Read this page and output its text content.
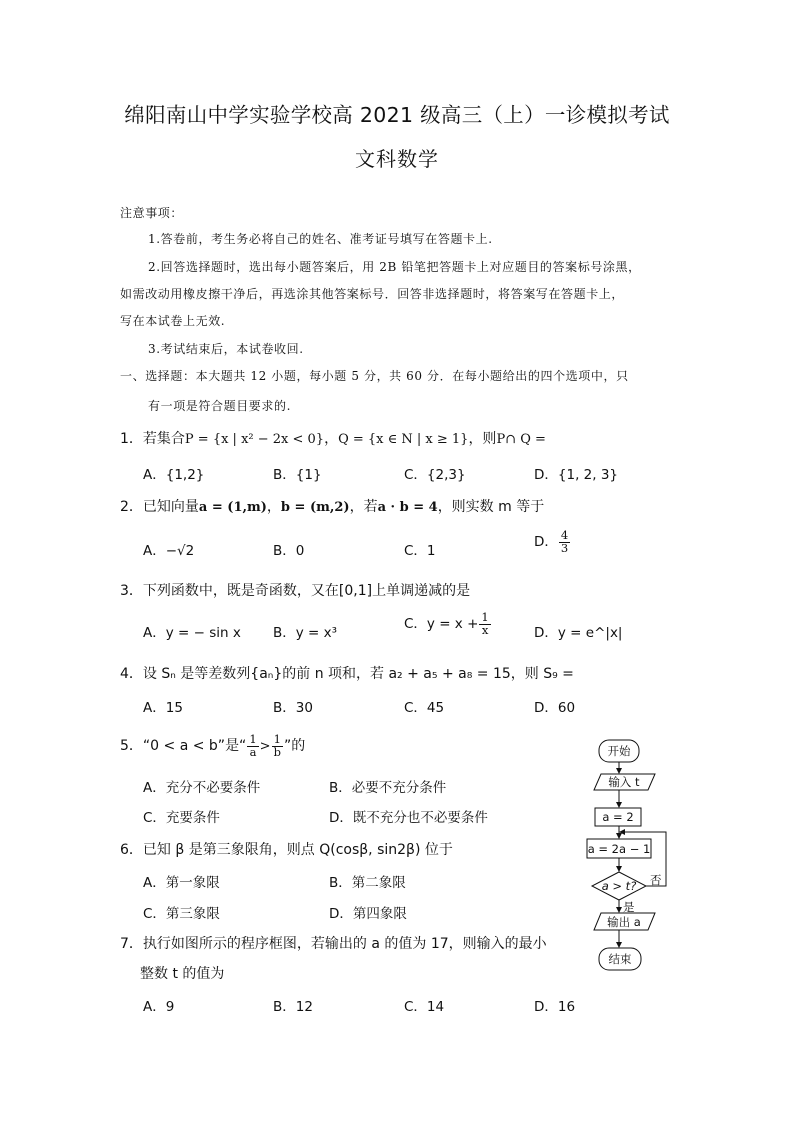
绵阳南山中学实验学校高 2021 级高三（上）一诊模拟考试
文科数学
注意事项：
1.答卷前，考生务必将自己的姓名、准考证号填写在答题卡上.
2.回答选择题时，选出每小题答案后，用 2B 铅笔把答题卡上对应题目的答案标号涂黑，
如需改动用橡皮擦干净后，再选涂其他答案标号．回答非选择题时，将答案写在答题卡上，
写在本试卷上无效.
3.考试结束后，本试卷收回.
一、选择题：本大题共 12 小题，每小题 5 分，共 60 分．在每小题给出的四个选项中，只
有一项是符合题目要求的.
1．若集合P = {x | x² − 2x < 0}，Q = {x ∈ N | x ≥ 1}，则P∩ Q =
A．{1,2}	B．{1}	C．{2,3}	D．{1, 2, 3}
2．已知向量a = (1,m)，b = (m,2)，若a · b = 4，则实数 m 等于
A．−√2	B．0	C．1
D． $\frac{4}{3}$
3．下列函数中，既是奇函数，又在[0,1]上单调递减的是
A．y = − sin x B．y = x³
C．$y = x + \frac{1}{x}$	D．y = e^|x|
4．设 Sₙ 是等差数列{aₙ}的前 n 项和，若 a₂ + a₅ + a₈ = 15，则 S₉ =
A．15	B．30	C．45	D．60
5．“0 < a < b”是“ $\frac{1}{a} > \frac{1}{b}$ ”的
A．充分不必要条件	B．必要不充分条件
C．充要条件	D．既不充分也不必要条件
6．已知 β 是第三象限角，则点 Q(cosβ, sin2β) 位于
A．第一象限	B．第二象限
C．第三象限	D．第四象限
7．执行如图所示的程序框图，若输出的 a 的值为 17，则输入的最小
整数 t 的值为
A．9	B．12	C．14	D．16
开始
输入 t
a = 2
a = 2a − 1
a > t? 否
是
输出 a
结束
